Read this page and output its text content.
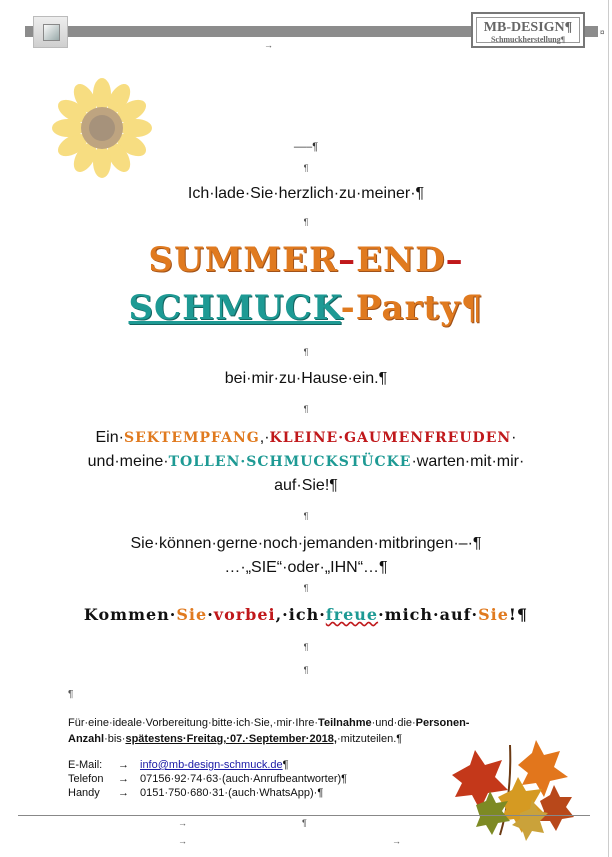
MB-DESIGN¶
Schmuckherstellung¶
→
¤
–––¶
¶
Ich·lade·Sie·herzlich·zu·meiner·¶
¶
SUMMER–END–
SCHMUCK-Party¶
¶
bei·mir·zu·Hause·ein.¶
¶
Ein·SEKTEMPFANG,·KLEINE·GAUMENFREUDEN·
und·meine·TOLLEN·SCHMUCKSTÜCKE·warten·mit·mir·
auf·Sie!¶
¶
Sie·können·gerne·noch·jemanden·mitbringen·–·¶
…·„SIE“·oder·„IHN“…¶
¶
Kommen·Sie·vorbei,·ich·freue·mich·auf·Sie!¶
¶
¶
¶
Für·eine·ideale·Vorbereitung·bitte·ich·Sie,·mir·Ihre·Teilnahme·und·die·Personen-
Anzahl·bis·spätestens·Freitag,·07.·September·2018,·mitzuteilen.¶
E-Mail: → info@mb-design-schmuck.de¶
Telefon → 07156·92·74·63·(auch·Anrufbeantworter)¶
Handy → 0151·750·680·31·(auch·WhatsApp)·¶
→	¶
→	→
